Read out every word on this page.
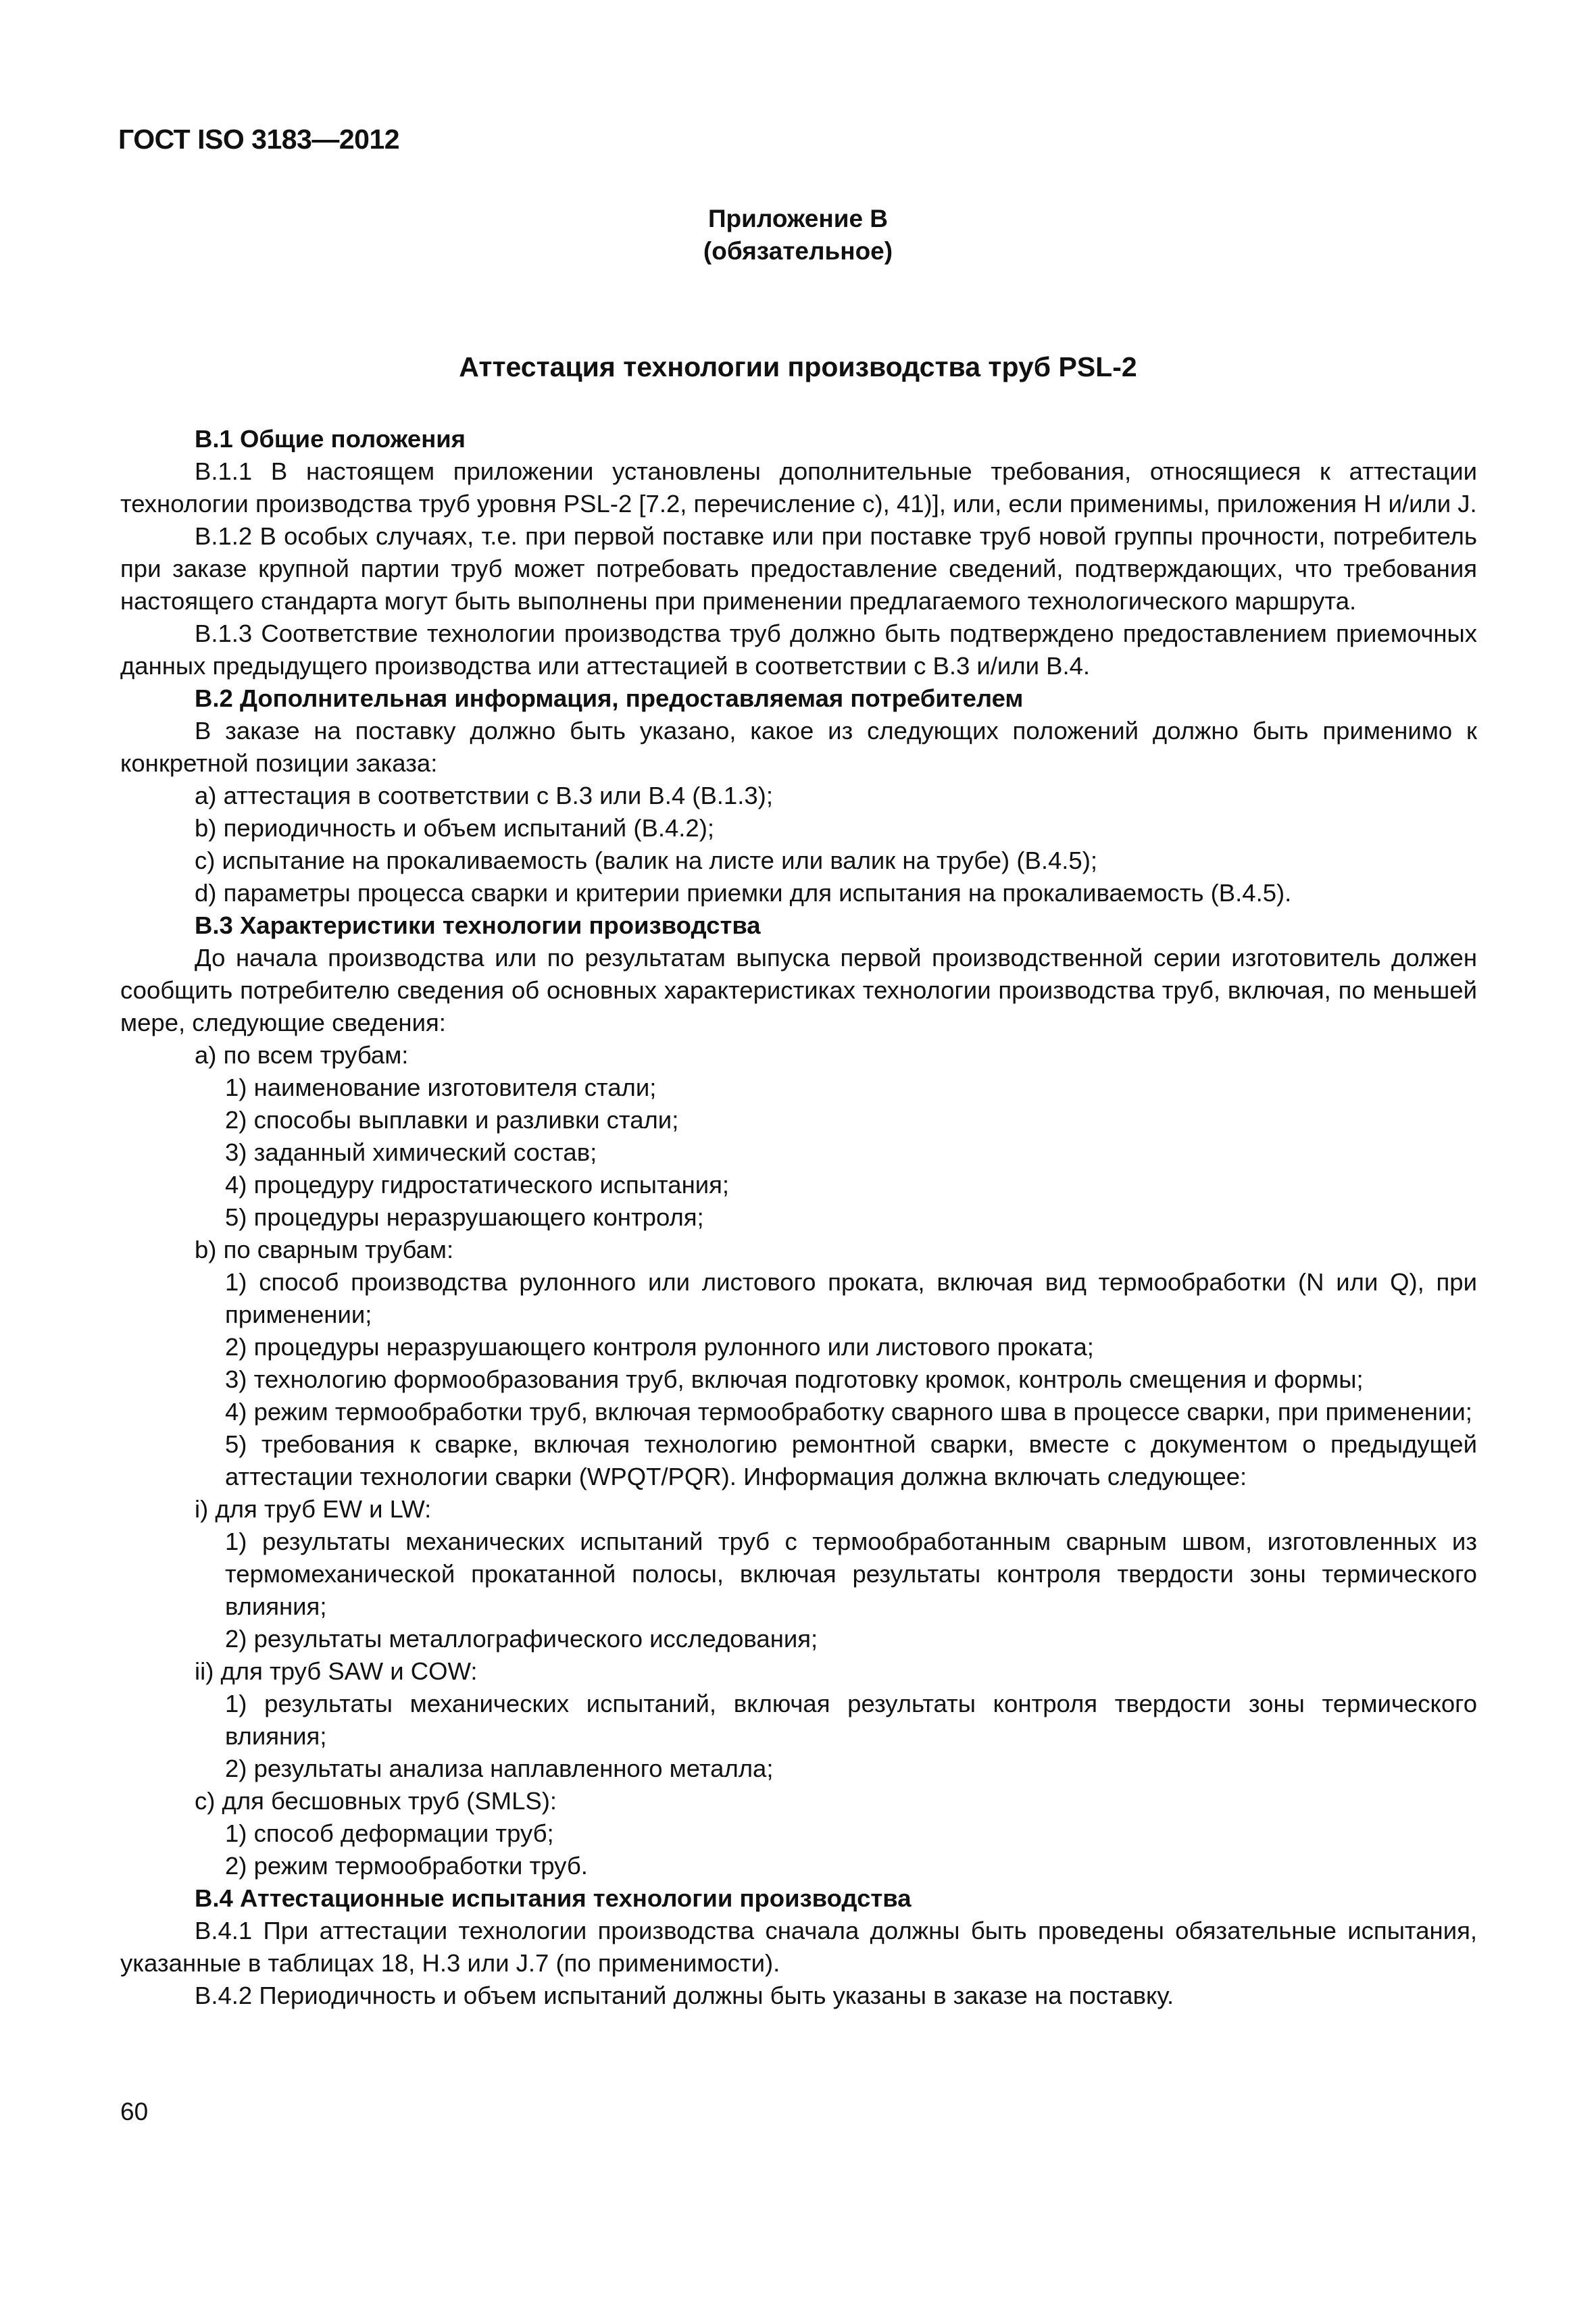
ГОСТ ISO 3183—2012
Приложение В
(обязательное)
Аттестация технологии производства труб PSL-2

B.1 Общие положения

B.1.1 В настоящем приложении установлены дополнительные требования, относящиеся к аттестации технологии производства труб уровня PSL-2 [7.2, перечисление с), 41)], или, если применимы, приложения Н и/или J.

B.1.2 В особых случаях, т.е. при первой поставке или при поставке труб новой группы прочности, потребитель при заказе крупной партии труб может потребовать предоставление сведений, подтверждающих, что требования настоящего стандарта могут быть выполнены при применении предлагаемого технологического маршрута.

B.1.3 Соответствие технологии производства труб должно быть подтверждено предоставлением приемочных данных предыдущего производства или аттестацией в соответствии с B.3 и/или B.4.

B.2 Дополнительная информация, предоставляемая потребителем

В заказе на поставку должно быть указано, какое из следующих положений должно быть применимо к конкретной позиции заказа:

a) аттестация в соответствии с B.3 или B.4 (B.1.3);

b) периодичность и объем испытаний (B.4.2);

c) испытание на прокаливаемость (валик на листе или валик на трубе) (B.4.5);

d) параметры процесса сварки и критерии приемки для испытания на прокаливаемость (B.4.5).

B.3 Характеристики технологии производства

До начала производства или по результатам выпуска первой производственной серии изготовитель должен сообщить потребителю сведения об основных характеристиках технологии производства труб, включая, по меньшей мере, следующие сведения:

a) по всем трубам:

1) наименование изготовителя стали;

2) способы выплавки и разливки стали;

3) заданный химический состав;

4) процедуру гидростатического испытания;

5) процедуры неразрушающего контроля;

b) по сварным трубам:

1) способ производства рулонного или листового проката, включая вид термообработки (N или Q), при применении;

2) процедуры неразрушающего контроля рулонного или листового проката;

3) технологию формообразования труб, включая подготовку кромок, контроль смещения и формы;

4) режим термообработки труб, включая термообработку сварного шва в процессе сварки, при применении;

5) требования к сварке, включая технологию ремонтной сварки, вместе с документом о предыдущей аттестации технологии сварки (WPQT/PQR). Информация должна включать следующее:

i) для труб EW и LW:

1) результаты механических испытаний труб с термообработанным сварным швом, изготовленных из термомеханической прокатанной полосы, включая результаты контроля твердости зоны термического влияния;

2) результаты металлографического исследования;

ii) для труб SAW и COW:

1) результаты механических испытаний, включая результаты контроля твердости зоны термического влияния;

2) результаты анализа наплавленного металла;

c) для бесшовных труб (SMLS):

1) способ деформации труб;

2) режим термообработки труб.

B.4 Аттестационные испытания технологии производства

B.4.1 При аттестации технологии производства сначала должны быть проведены обязательные испытания, указанные в таблицах 18, Н.3 или J.7 (по применимости).

B.4.2 Периодичность и объем испытаний должны быть указаны в заказе на поставку.

60
